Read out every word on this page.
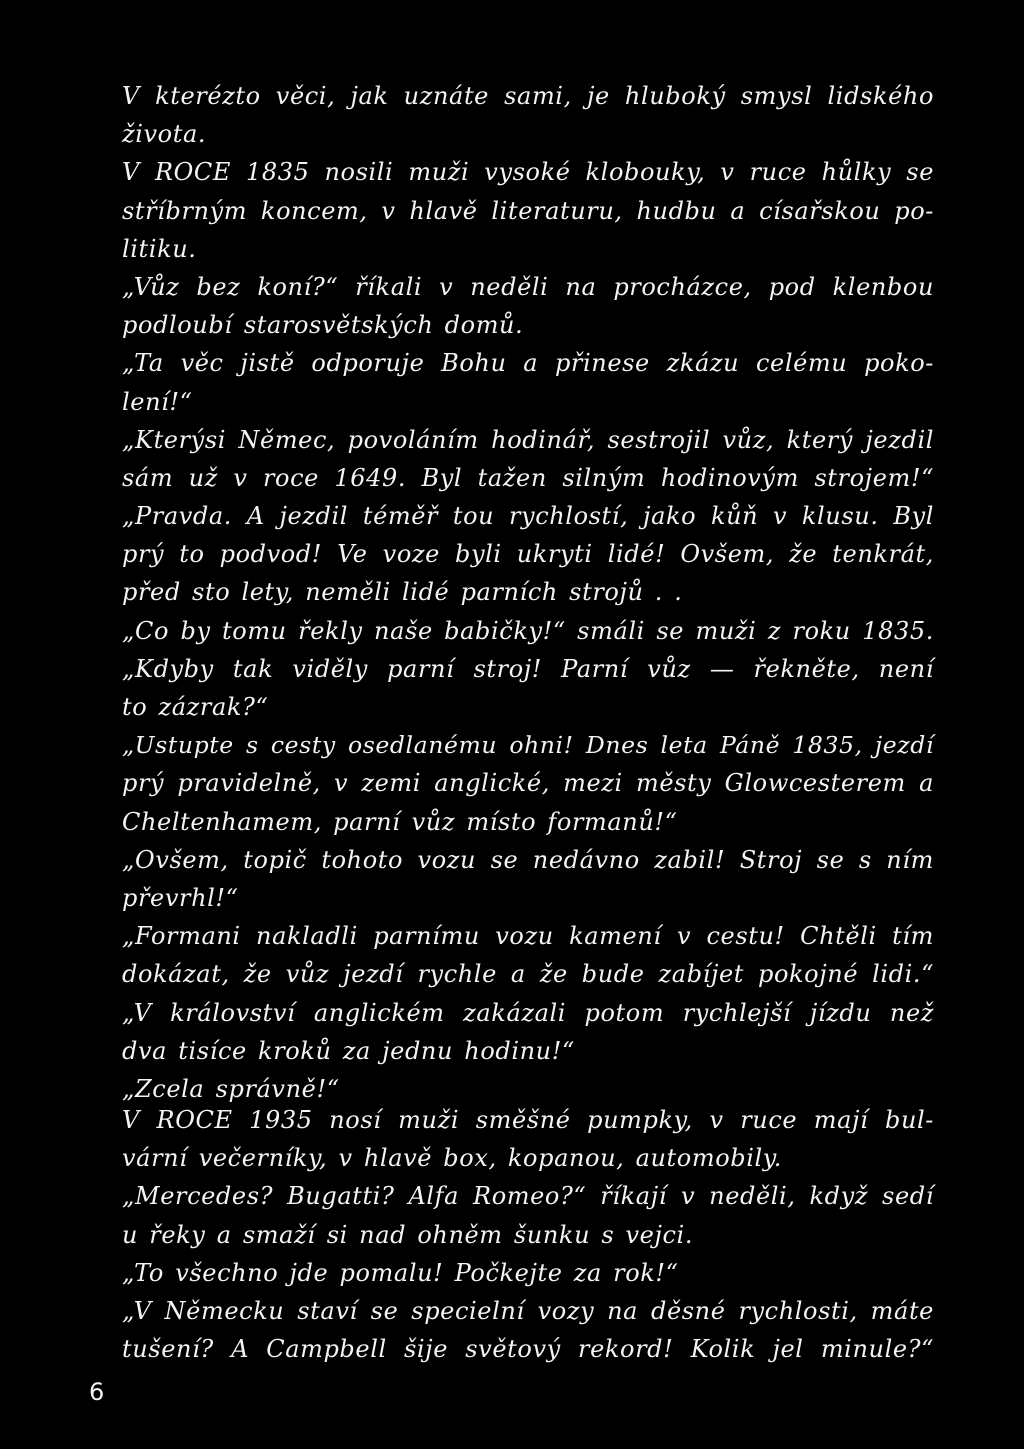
V kterézto věci, jak uznáte sami, je hluboký smysl lidského
života.
V ROCE 1835 nosili muži vysoké klobouky, v ruce hůlky se
stříbrným koncem, v hlavě literaturu, hudbu a císařskou po-
litiku.
„Vůz bez koní?“ říkali v neděli na procházce, pod klenbou
podloubí starosvětských domů.
„Ta věc jistě odporuje Bohu a přinese zkázu celému poko-
lení!“
„Kterýsi Němec, povoláním hodinář, sestrojil vůz, který jezdil
sám už v roce 1649. Byl tažen silným hodinovým strojem!“
„Pravda. A jezdil téměř tou rychlostí, jako kůň v klusu. Byl
prý to podvod! Ve voze byli ukryti lidé! Ovšem, že tenkrát,
před sto lety, neměli lidé parních strojů . .
„Co by tomu řekly naše babičky!“ smáli se muži z roku 1835.
„Kdyby tak viděly parní stroj! Parní vůz — řekněte, není
to zázrak?“
„Ustupte s cesty osedlanému ohni! Dnes leta Páně 1835, jezdí
prý pravidelně, v zemi anglické, mezi městy Glowcesterem a
Cheltenhamem, parní vůz místo formanů!“
„Ovšem, topič tohoto vozu se nedávno zabil! Stroj se s ním
převrhl!“
„Formani nakladli parnímu vozu kamení v cestu! Chtěli tím
dokázat, že vůz jezdí rychle a že bude zabíjet pokojné lidi.“
„V království anglickém zakázali potom rychlejší jízdu než
dva tisíce kroků za jednu hodinu!“
„Zcela správně!“
V ROCE 1935 nosí muži směšné pumpky, v ruce mají bul-
vární večerníky, v hlavě box, kopanou, automobily.
„Mercedes? Bugatti? Alfa Romeo?“ říkají v neděli, když sedí
u řeky a smaží si nad ohněm šunku s vejci.
„To všechno jde pomalu! Počkejte za rok!“
„V Německu staví se specielní vozy na děsné rychlosti, máte
tušení? A Campbell šije světový rekord! Kolik jel minule?“
6
